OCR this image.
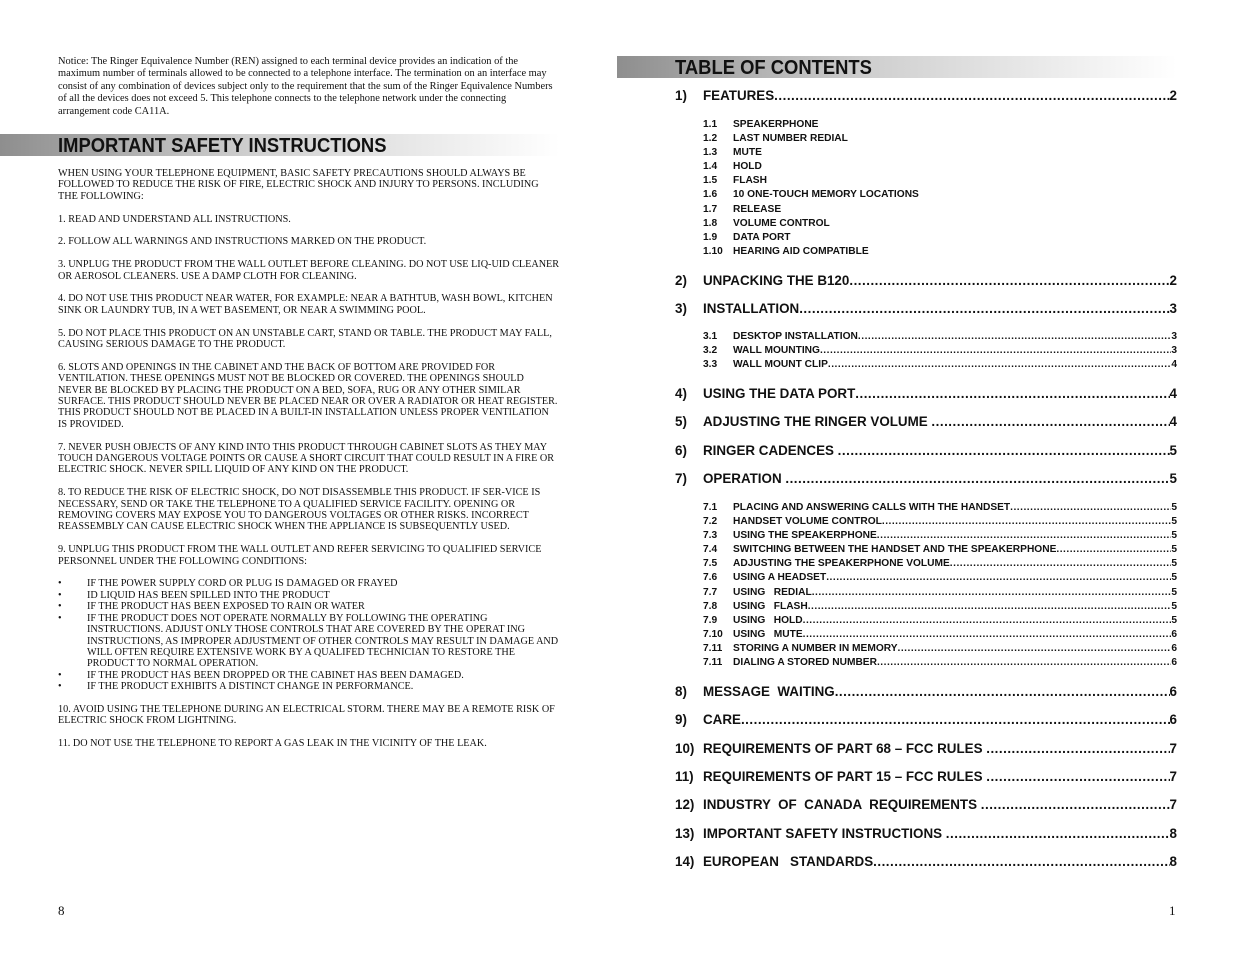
Notice: The Ringer Equivalence Number (REN) assigned to each terminal device provides an indication of the maximum number of terminals allowed to be connected to a telephone interface. The termination on an interface may consist of any combination of devices subject only to the requirement that the sum of the Ringer Equivalence Numbers of all the devices does not exceed 5. This telephone connects to the telephone network under the connecting arrangement code CA11A.
IMPORTANT SAFETY INSTRUCTIONS

WHEN USING YOUR TELEPHONE EQUIPMENT, BASIC SAFETY PRECAUTIONS SHOULD ALWAYS BE FOLLOWED TO REDUCE THE RISK OF FIRE, ELECTRIC SHOCK AND INJURY TO PERSONS. INCLUDING THE FOLLOWING:

1. READ AND UNDERSTAND ALL INSTRUCTIONS.

2. FOLLOW ALL WARNINGS AND INSTRUCTIONS MARKED ON THE PRODUCT.

3. UNPLUG THE PRODUCT FROM THE WALL OUTLET BEFORE CLEANING. DO NOT USE LIQ-UID CLEANER OR AEROSOL CLEANERS. USE A DAMP CLOTH FOR CLEANING.

4. DO NOT USE THIS PRODUCT NEAR WATER, FOR EXAMPLE: NEAR A BATHTUB, WASH BOWL, KITCHEN SINK OR LAUNDRY TUB, IN A WET BASEMENT, OR NEAR A SWIMMING POOL.

5. DO NOT PLACE THIS PRODUCT ON AN UNSTABLE CART, STAND OR TABLE. THE PRODUCT MAY FALL, CAUSING SERIOUS DAMAGE TO THE PRODUCT.

6. SLOTS AND OPENINGS IN THE CABINET AND THE BACK OF BOTTOM ARE PROVIDED FOR VENTILATION. THESE OPENINGS MUST NOT BE BLOCKED OR COVERED. THE OPENINGS SHOULD NEVER BE BLOCKED BY PLACING THE PRODUCT ON A BED, SOFA, RUG OR ANY OTHER SIMILAR SURFACE. THIS PRODUCT SHOULD NEVER BE PLACED NEAR OR OVER A RADIATOR OR HEAT REGISTER. THIS PRODUCT SHOULD NOT BE PLACED IN A BUILT-IN INSTALLATION UNLESS PROPER VENTILATION IS PROVIDED.

7. NEVER PUSH OBJECTS OF ANY KIND INTO THIS PRODUCT THROUGH CABINET SLOTS AS THEY MAY TOUCH DANGEROUS VOLTAGE POINTS OR CAUSE A SHORT CIRCUIT THAT COULD RESULT IN A FIRE OR ELECTRIC SHOCK. NEVER SPILL LIQUID OF ANY KIND ON THE PRODUCT.

8. TO REDUCE THE RISK OF ELECTRIC SHOCK, DO NOT DISASSEMBLE THIS PRODUCT. IF SER-VICE IS NECESSARY, SEND OR TAKE THE TELEPHONE TO A QUALIFIED SERVICE FACILITY. OPENING OR REMOVING COVERS MAY EXPOSE YOU TO DANGEROUS VOLTAGES OR OTHER RISKS. INCORRECT REASSEMBLY CAN CAUSE ELECTRIC SHOCK WHEN THE APPLIANCE IS SUBSEQUENTLY USED.

9. UNPLUG THIS PRODUCT FROM THE WALL OUTLET AND REFER SERVICING TO QUALIFIED SERVICE PERSONNEL UNDER THE FOLLOWING CONDITIONS:

• IF THE POWER SUPPLY CORD OR PLUG IS DAMAGED OR FRAYED
• ID LIQUID HAS BEEN SPILLED INTO THE PRODUCT
• IF THE PRODUCT HAS BEEN EXPOSED TO RAIN OR WATER
• IF THE PRODUCT DOES NOT OPERATE NORMALLY BY FOLLOWING THE OPERATING INSTRUCTIONS. ADJUST ONLY THOSE CONTROLS THAT ARE COVERED BY THE OPERAT ING INSTRUCTIONS, AS IMPROPER ADJUSTMENT OF OTHER CONTROLS MAY RESULT IN DAMAGE AND WILL OFTEN REQUIRE EXTENSIVE WORK BY A QUALIFED TECHNICIAN TO RESTORE THE PRODUCT TO NORMAL OPERATION.
• IF THE PRODUCT HAS BEEN DROPPED OR THE CABINET HAS BEEN DAMAGED.
• IF THE PRODUCT EXHIBITS A DISTINCT CHANGE IN PERFORMANCE.

10. AVOID USING THE TELEPHONE DURING AN ELECTRICAL STORM. THERE MAY BE A REMOTE RISK OF ELECTRIC SHOCK FROM LIGHTNING.

11. DO NOT USE THE TELEPHONE TO REPORT A GAS LEAK IN THE VICINITY OF THE LEAK.

8
TABLE OF CONTENTS
1)	FEATURES .....	2
1.1	SPEAKERPHONE
1.2	LAST NUMBER REDIAL
1.3	MUTE
1.4	HOLD
1.5	FLASH
1.6	10 ONE-TOUCH MEMORY LOCATIONS
1.7	RELEASE
1.8	VOLUME CONTROL
1.9	DATA PORT
1.10 HEARING AID COMPATIBLE
2)	UNPACKING THE B120 .....	2
3)	INSTALLATION .....	3
3.1	DESKTOP INSTALLATION .....	3
3.2	WALL MOUNTING .....	3
3.3	WALL MOUNT CLIP .....	4
4)	USING THE DATA PORT .....	4
5)	ADJUSTING THE RINGER VOLUME .....	4
6)	RINGER CADENCES .....	5
7)	OPERATION .....	5
7.1	PLACING AND ANSWERING CALLS WITH THE HANDSET .....	5
7.2	HANDSET VOLUME CONTROL .....	5
7.3	USING THE SPEAKERPHONE .....	5
7.4	SWITCHING BETWEEN THE HANDSET AND THE SPEAKERPHONE .....	5
7.5	ADJUSTING THE SPEAKERPHONE VOLUME .....	5
7.6	USING A HEADSET .....	5
7.7	USING   REDIAL .....	5
7.8	USING   FLASH .....	5
7.9	USING   HOLD .....	5
7.10 USING   MUTE .....	6
7.11	STORING A NUMBER IN MEMORY .....	6
7.11	DIALING A STORED NUMBER .....	6
8)	MESSAGE  WAITING .....	6
9)	CARE .....	6
10) REQUIREMENTS OF PART 68 – FCC RULES .....	7
11) REQUIREMENTS OF PART 15 – FCC RULES .....	7
12) INDUSTRY  OF  CANADA  REQUIREMENTS .....	7
13) IMPORTANT SAFETY INSTRUCTIONS .....	8
14) EUROPEAN   STANDARDS .....	8
1
